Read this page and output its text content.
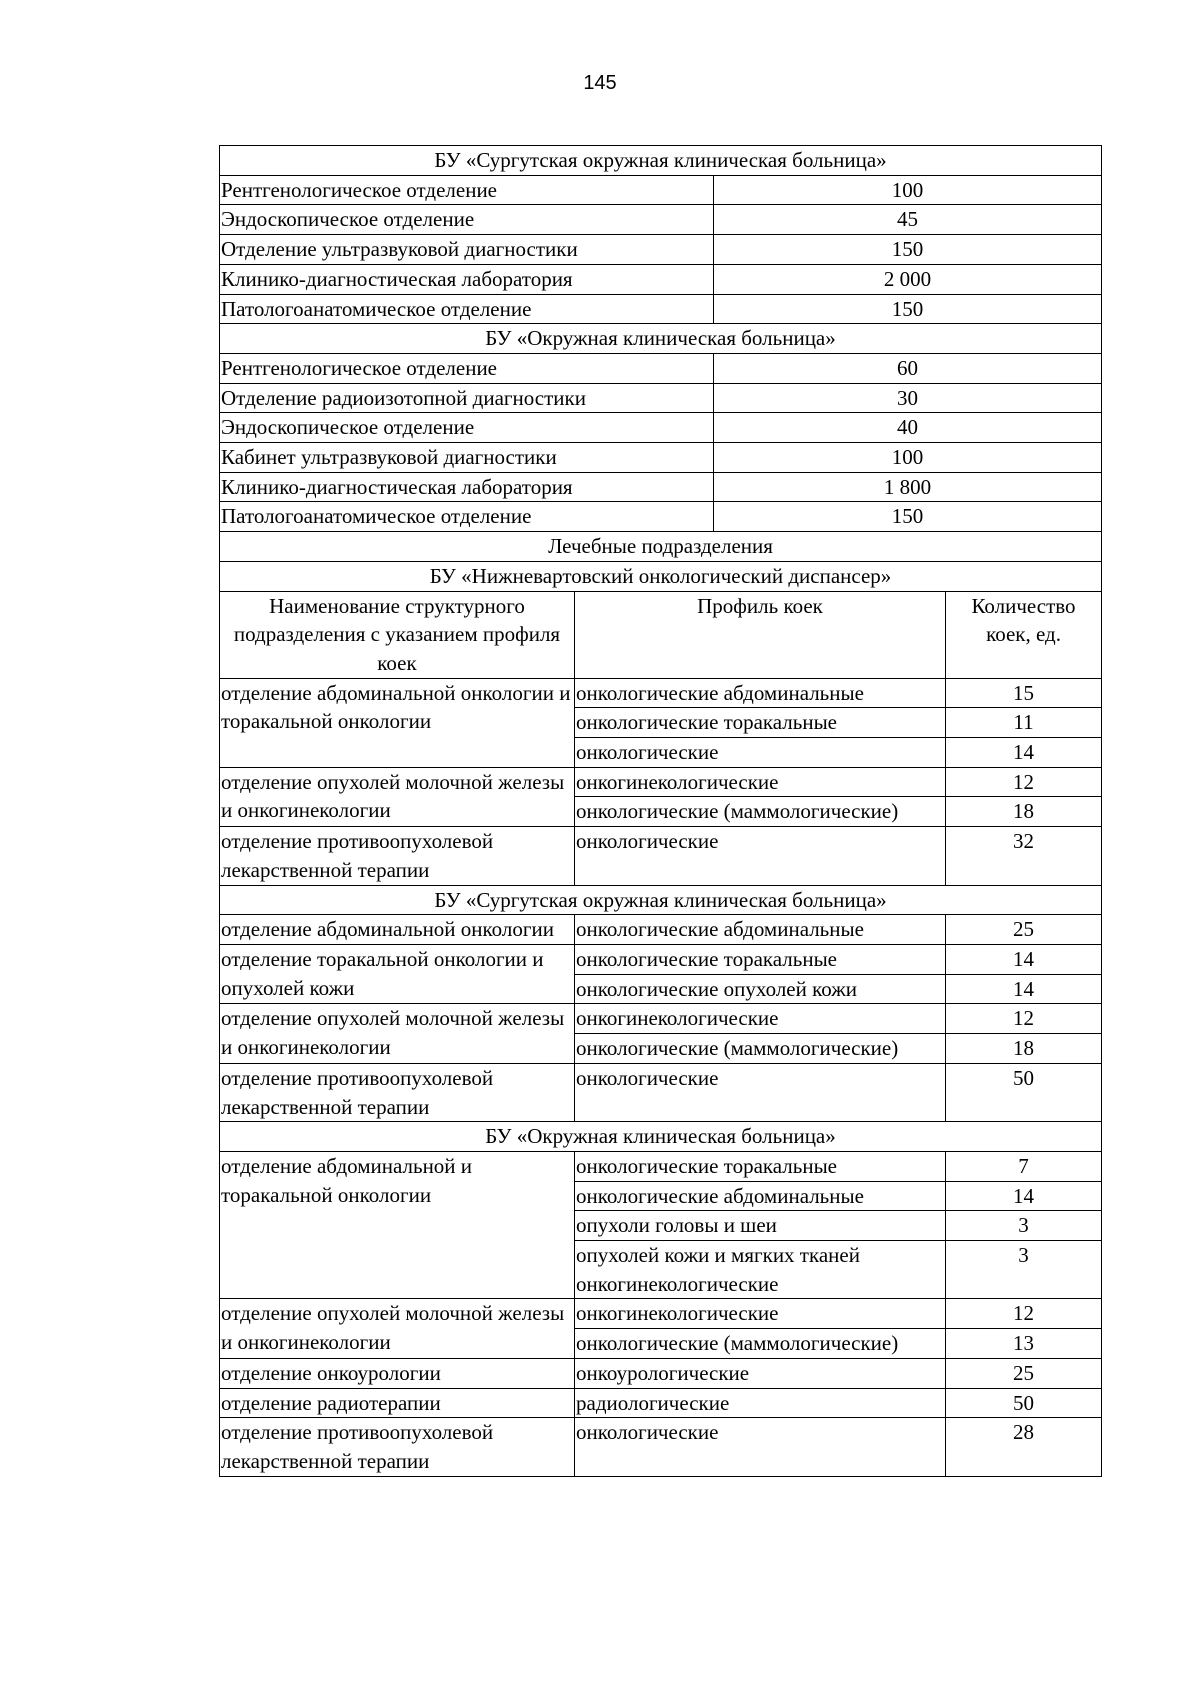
145
БУ «Сургутская окружная клиническая больница»			
Рентгенологическое отделение		100	
Эндоскопическое отделение		45	
Отделение ультразвуковой диагностики		150	
Клинико-диагностическая лаборатория		2 000	
Патологоанатомическое отделение		150	
БУ «Окружная клиническая больница»			
Рентгенологическое отделение		60	
Отделение радиоизотопной диагностики		30	
Эндоскопическое отделение		40	
Кабинет ультразвуковой диагностики		100	
Клинико-диагностическая лаборатория		1 800	
Патологоанатомическое отделение		150	
Лечебные подразделения			
БУ «Нижневартовский онкологический диспансер»			
Наименование структурного подразделения с указанием профиля коек	Профиль коек		Количество коек, ед.
отделение абдоминальной онкологии и торакальной онкологии	онкологические абдоминальные		15
	онкологические торакальные		11
	онкологические		14
отделение опухолей молочной железы и онкогинекологии	онкогинекологические		12
	онкологические (маммологические)		18
отделение противоопухолевой лекарственной терапии	онкологические		32
БУ «Сургутская окружная клиническая больница»			
отделение абдоминальной онкологии	онкологические абдоминальные		25
отделение торакальной онкологии и опухолей кожи	онкологические торакальные		14
	онкологические опухолей кожи		14
отделение опухолей молочной железы и онкогинекологии	онкогинекологические		12
	онкологические (маммологические)		18
отделение противоопухолевой лекарственной терапии	онкологические		50
БУ «Окружная клиническая больница»			
отделение абдоминальной и торакальной онкологии	онкологические торакальные		7
	онкологические абдоминальные		14
	опухоли головы и шеи		3
	опухолей кожи и мягких тканей онкогинекологические		3
отделение опухолей молочной железы и онкогинекологии	онкогинекологические		12
	онкологические (маммологические)		13
отделение онкоурологии	онкоурологические		25
отделение радиотерапии	радиологические		50
отделение противоопухолевой лекарственной терапии	онкологические		28
